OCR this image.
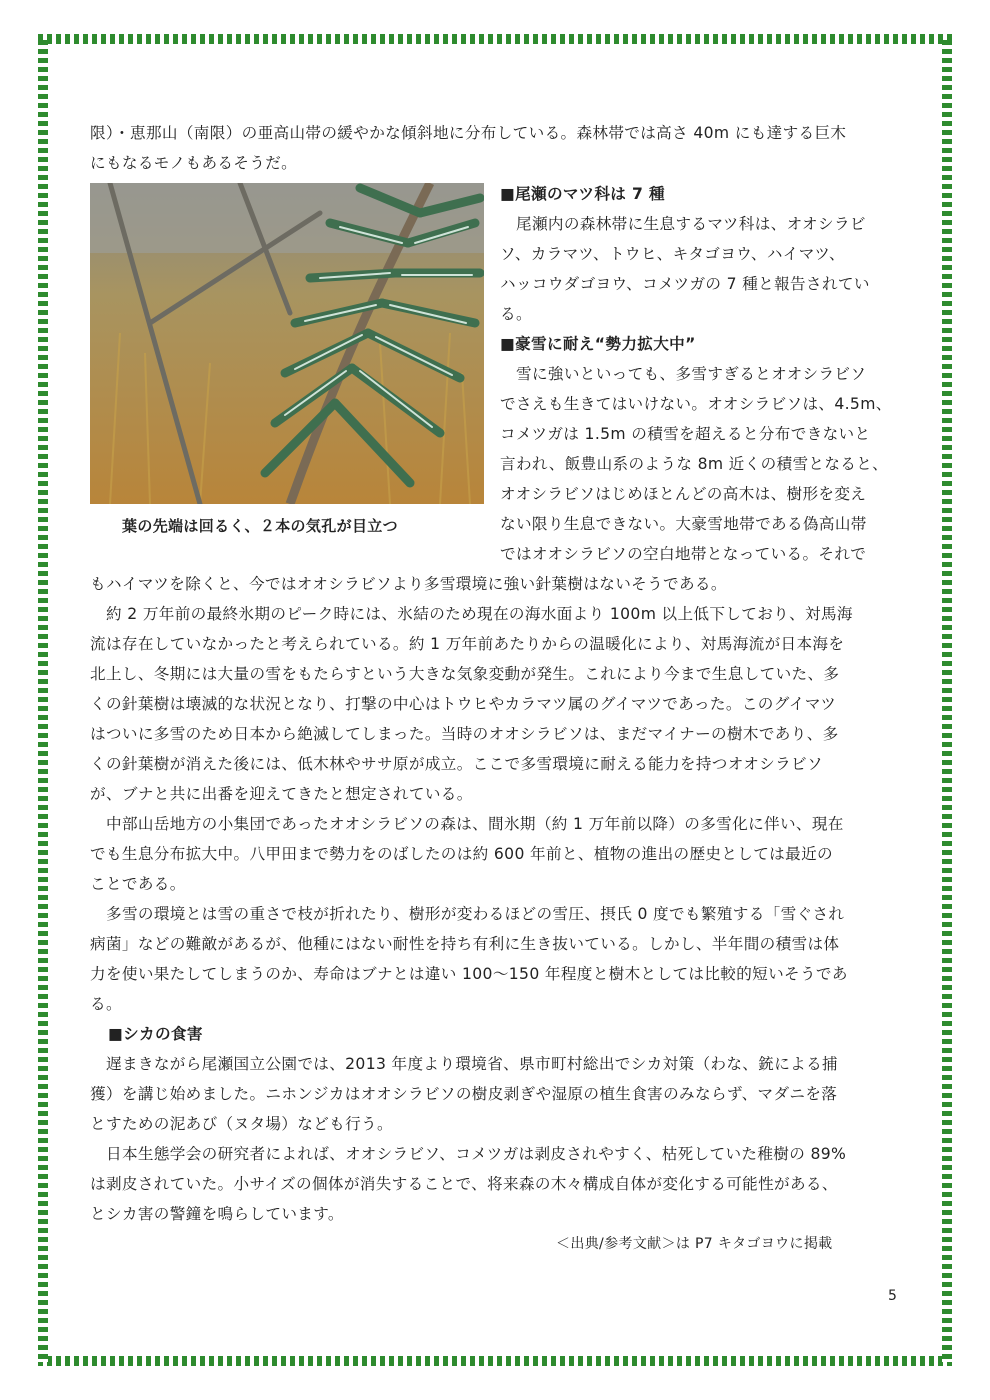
限）・恵那山（南限）の亜高山帯の緩やかな傾斜地に分布している。森林帯では高さ 40m にも達する巨木
にもなるモノもあるそうだ。
葉の先端は回るく、２本の気孔が目立つ
■尾瀬のマツ科は 7 種
尾瀬内の森林帯に生息するマツ科は、オオシラビ
ソ、カラマツ、トウヒ、キタゴヨウ、ハイマツ、
ハッコウダゴヨウ、コメツガの 7 種と報告されてい
る。
■豪雪に耐え“勢力拡大中”
雪に強いといっても、多雪すぎるとオオシラビソ
でさえも生きてはいけない。オオシラビソは、4.5m、
コメツガは 1.5m の積雪を超えると分布できないと
言われ、飯豊山系のような 8m 近くの積雪となると、
オオシラビソはじめほとんどの高木は、樹形を変え
ない限り生息できない。大豪雪地帯である偽高山帯
ではオオシラビソの空白地帯となっている。それで
もハイマツを除くと、今ではオオシラビソより多雪環境に強い針葉樹はないそうである。
約 2 万年前の最終氷期のピーク時には、氷結のため現在の海水面より 100m 以上低下しており、対馬海
流は存在していなかったと考えられている。約 1 万年前あたりからの温暖化により、対馬海流が日本海を
北上し、冬期には大量の雪をもたらすという大きな気象変動が発生。これにより今まで生息していた、多
くの針葉樹は壊滅的な状況となり、打撃の中心はトウヒやカラマツ属のグイマツであった。このグイマツ
はついに多雪のため日本から絶滅してしまった。当時のオオシラビソは、まだマイナーの樹木であり、多
くの針葉樹が消えた後には、低木林やササ原が成立。ここで多雪環境に耐える能力を持つオオシラビソ
が、ブナと共に出番を迎えてきたと想定されている。
中部山岳地方の小集団であったオオシラビソの森は、間氷期（約 1 万年前以降）の多雪化に伴い、現在
でも生息分布拡大中。八甲田まで勢力をのばしたのは約 600 年前と、植物の進出の歴史としては最近の
ことである。
多雪の環境とは雪の重さで枝が折れたり、樹形が変わるほどの雪圧、摂氏 0 度でも繁殖する「雪ぐされ
病菌」などの難敵があるが、他種にはない耐性を持ち有利に生き抜いている。しかし、半年間の積雪は体
力を使い果たしてしまうのか、寿命はブナとは違い 100〜150 年程度と樹木としては比較的短いそうであ
る。
■シカの食害
遅まきながら尾瀬国立公園では、2013 年度より環境省、県市町村総出でシカ対策（わな、銃による捕
獲）を講じ始めました。ニホンジカはオオシラビソの樹皮剥ぎや湿原の植生食害のみならず、マダニを落
とすための泥あび（ヌタ場）なども行う。
日本生態学会の研究者によれば、オオシラビソ、コメツガは剥皮されやすく、枯死していた稚樹の 89%
は剥皮されていた。小サイズの個体が消失することで、将来森の木々構成自体が変化する可能性がある、
とシカ害の警鐘を鳴らしています。
＜出典/参考文献＞は P7 キタゴヨウに掲載
5
